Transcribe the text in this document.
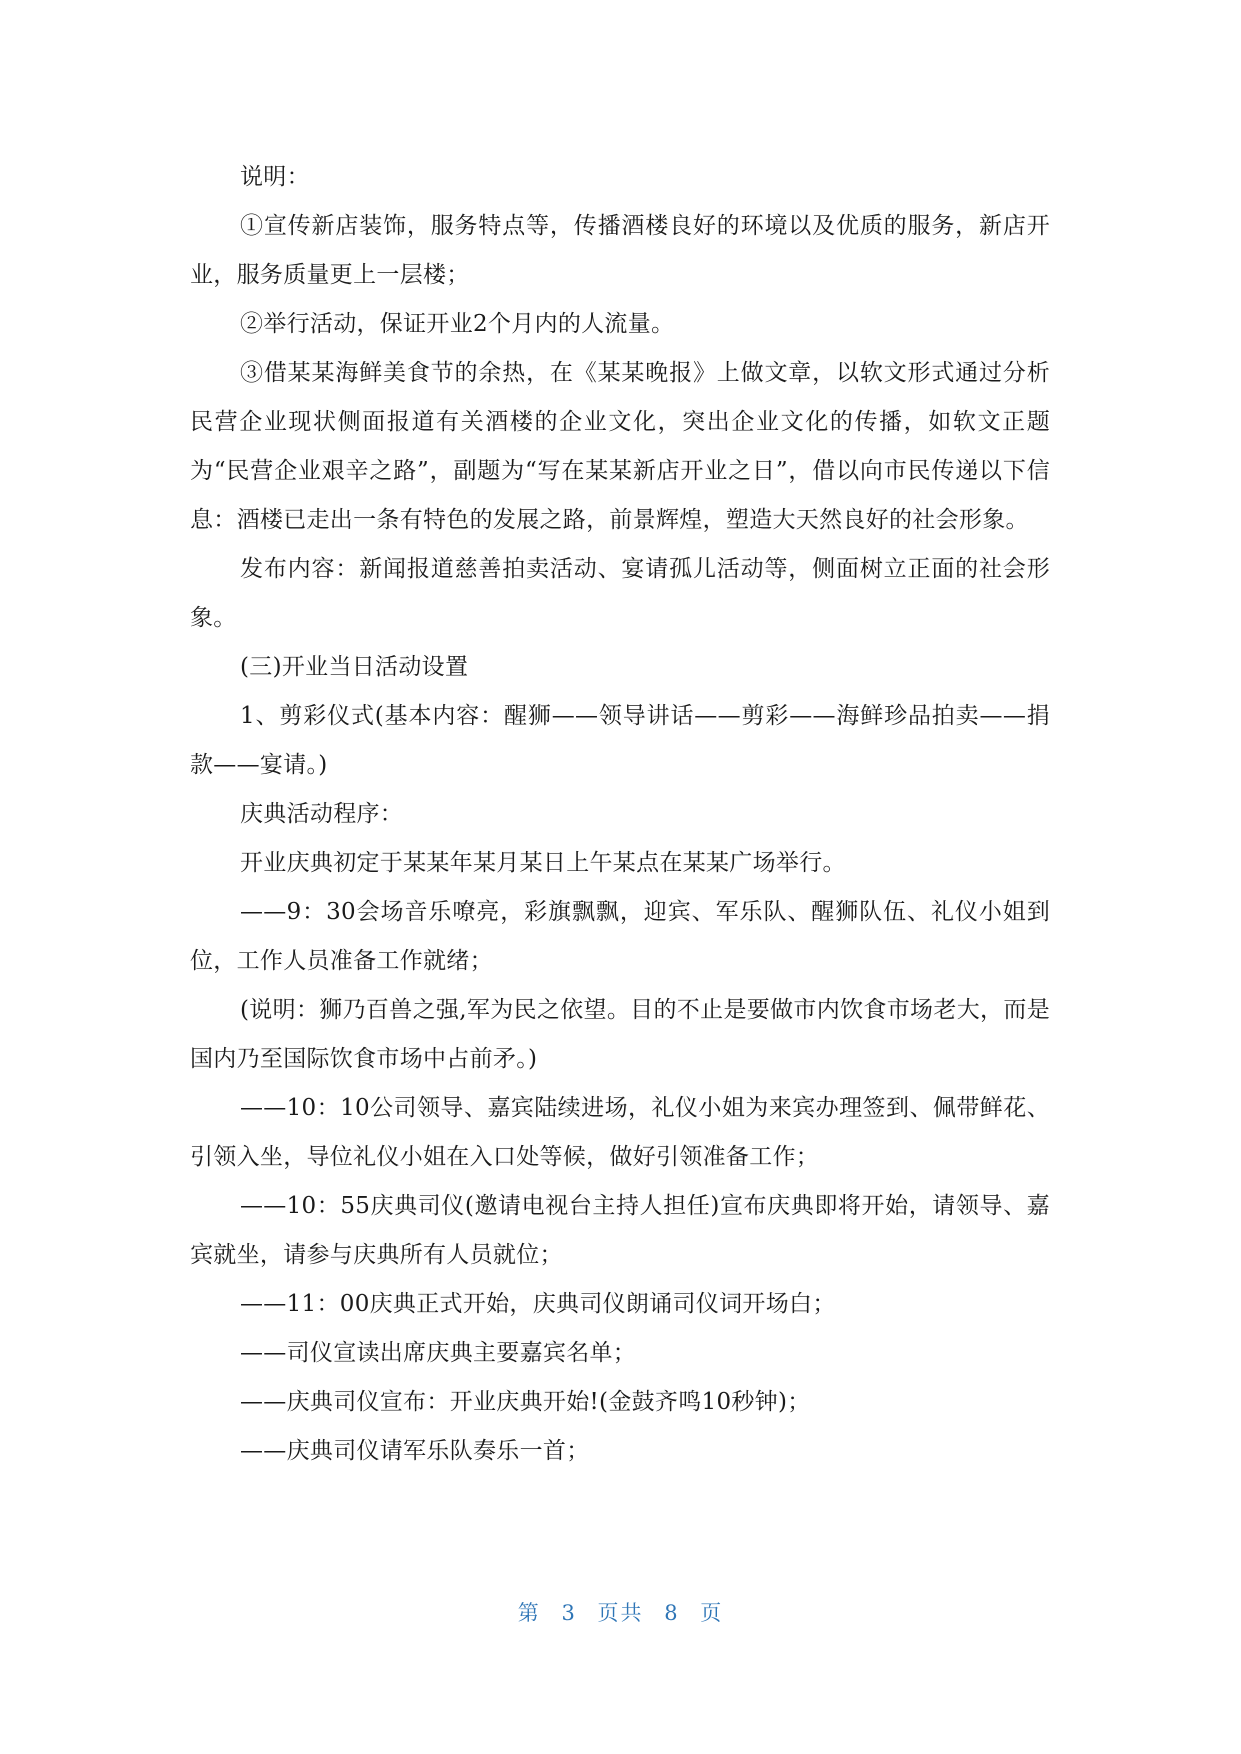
说明：

①宣传新店装饰，服务特点等，传播酒楼良好的环境以及优质的服务，新店开业，服务质量更上一层楼；

②举行活动，保证开业2个月内的人流量。

③借某某海鲜美食节的余热，在《某某晚报》上做文章，以软文形式通过分析民营企业现状侧面报道有关酒楼的企业文化，突出企业文化的传播，如软文正题为“民营企业艰辛之路”，副题为“写在某某新店开业之日”，借以向市民传递以下信息：酒楼已走出一条有特色的发展之路，前景辉煌，塑造大天然良好的社会形象。

发布内容：新闻报道慈善拍卖活动、宴请孤儿活动等，侧面树立正面的社会形象。

(三)开业当日活动设置

1、剪彩仪式(基本内容：醒狮——领导讲话——剪彩——海鲜珍品拍卖——捐款——宴请。)

庆典活动程序：

开业庆典初定于某某年某月某日上午某点在某某广场举行。

——9：30会场音乐嘹亮，彩旗飘飘，迎宾、军乐队、醒狮队伍、礼仪小姐到位，工作人员准备工作就绪；

(说明：狮乃百兽之强,军为民之依望。目的不止是要做市内饮食市场老大，而是国内乃至国际饮食市场中占前矛。)

——10：10公司领导、嘉宾陆续进场，礼仪小姐为来宾办理签到、佩带鲜花、引领入坐，导位礼仪小姐在入口处等候，做好引领准备工作；

——10：55庆典司仪(邀请电视台主持人担任)宣布庆典即将开始，请领导、嘉宾就坐，请参与庆典所有人员就位；

——11：00庆典正式开始，庆典司仪朗诵司仪词开场白；

——司仪宣读出席庆典主要嘉宾名单；

——庆典司仪宣布：开业庆典开始!(金鼓齐鸣10秒钟)；

——庆典司仪请军乐队奏乐一首；

第 3 页共 8 页
